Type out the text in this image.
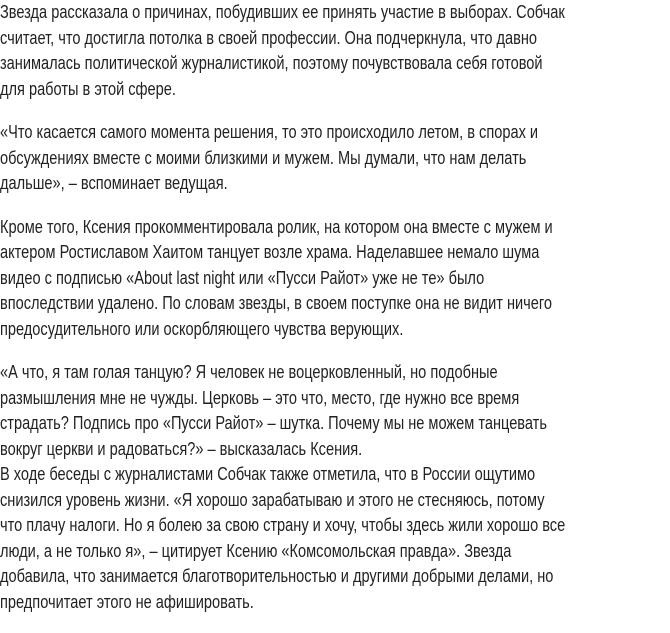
Звезда рассказала о причинах, побудивших ее принять участие в выборах. Собчак
считает, что достигла потолка в своей профессии. Она подчеркнула, что давно
занималась политической журналистикой, поэтому почувствовала себя готовой
для работы в этой сфере.

«Что касается самого момента решения, то это происходило летом, в спорах и
обсуждениях вместе с моими близкими и мужем. Мы думали, что нам делать
дальше», – вспоминает ведущая.

Кроме того, Ксения прокомментировала ролик, на котором она вместе с мужем и
актером Ростиславом Хаитом танцует возле храма. Наделавшее немало шума
видео с подписью «About last night или «Пусси Райот» уже не те» было
впоследствии удалено. По словам звезды, в своем поступке она не видит ничего
предосудительного или оскорбляющего чувства верующих.

«А что, я там голая танцую? Я человек не воцерковленный, но подобные
размышления мне не чужды. Церковь – это что, место, где нужно все время
страдать? Подпись про «Пусси Райот» – шутка. Почему мы не можем танцевать
вокруг церкви и радоваться?» – высказалась Ксения.

В ходе беседы с журналистами Собчак также отметила, что в России ощутимо
снизился уровень жизни. «Я хорошо зарабатываю и этого не стесняюсь, потому
что плачу налоги. Но я болею за свою страну и хочу, чтобы здесь жили хорошо все
люди, а не только я», – цитирует Ксению «Комсомольская правда». Звезда
добавила, что занимается благотворительностью и другими добрыми делами, но
предпочитает этого не афишировать.
